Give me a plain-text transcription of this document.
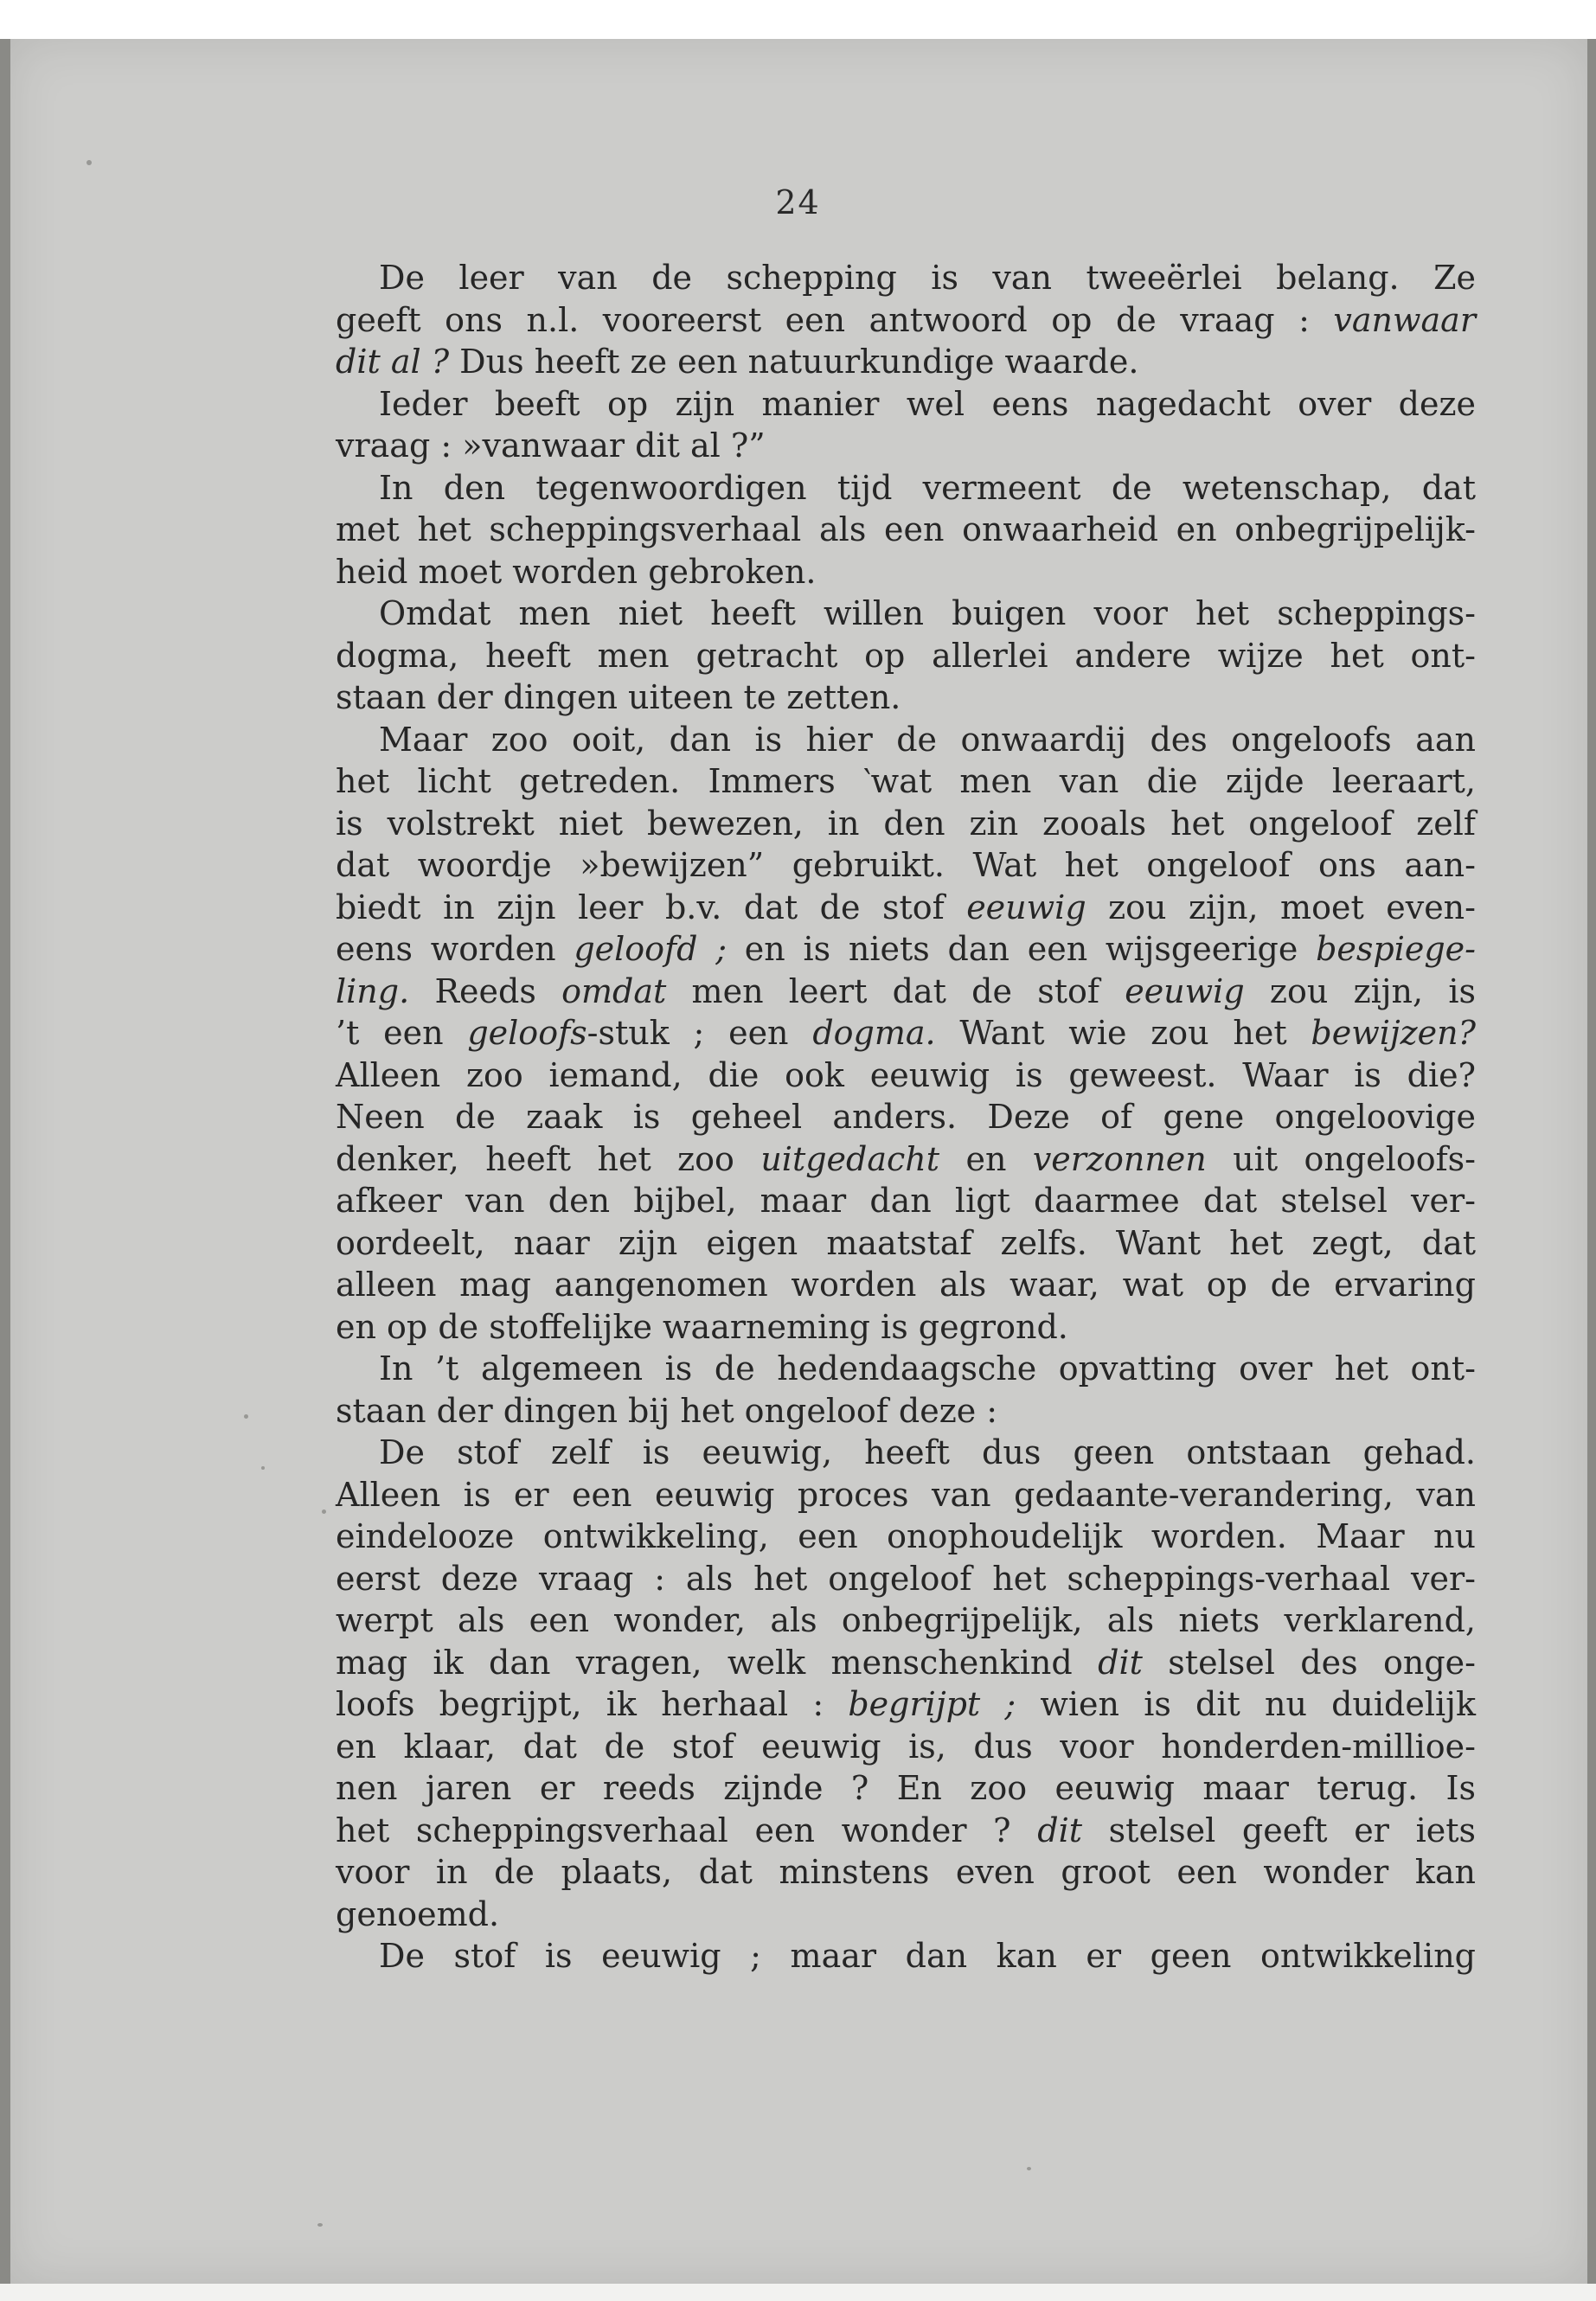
24
De leer van de schepping is van tweeërlei belang. Ze
geeft ons n.l. vooreerst een antwoord op de vraag : vanwaar
dit al ? Dus heeft ze een natuurkundige waarde.
Ieder beeft op zijn manier wel eens nagedacht over deze
vraag : »vanwaar dit al ?”
In den tegenwoordigen tijd vermeent de wetenschap, dat
met het scheppingsverhaal als een onwaarheid en onbegrijpelijk-
heid moet worden gebroken.
Omdat men niet heeft willen buigen voor het scheppings-
dogma, heeft men getracht op allerlei andere wijze het ont-
staan der dingen uiteen te zetten.
Maar zoo ooit, dan is hier de onwaardij des ongeloofs aan
het licht getreden. Immers ‵wat men van die zijde leeraart,
is volstrekt niet bewezen, in den zin zooals het ongeloof zelf
dat woordje »bewijzen” gebruikt. Wat het ongeloof ons aan-
biedt in zijn leer b.v. dat de stof eeuwig zou zijn, moet even-
eens worden geloofd ; en is niets dan een wijsgeerige bespiege-
ling. Reeds omdat men leert dat de stof eeuwig zou zijn, is
’t een geloofs-stuk ; een dogma. Want wie zou het bewijzen?
Alleen zoo iemand, die ook eeuwig is geweest. Waar is die?
Neen de zaak is geheel anders. Deze of gene ongeloovige
denker, heeft het zoo uitgedacht en verzonnen uit ongeloofs-
afkeer van den bijbel, maar dan ligt daarmee dat stelsel ver-
oordeelt, naar zijn eigen maatstaf zelfs. Want het zegt, dat
alleen mag aangenomen worden als waar, wat op de ervaring
en op de stoffelijke waarneming is gegrond.
In ’t algemeen is de hedendaagsche opvatting over het ont-
staan der dingen bij het ongeloof deze :
De stof zelf is eeuwig, heeft dus geen ontstaan gehad.
Alleen is er een eeuwig proces van gedaante-verandering, van
eindelooze ontwikkeling, een onophoudelijk worden. Maar nu
eerst deze vraag : als het ongeloof het scheppings-verhaal ver-
werpt als een wonder, als onbegrijpelijk, als niets verklarend,
mag ik dan vragen, welk menschenkind dit stelsel des onge-
loofs begrijpt, ik herhaal : begrijpt ; wien is dit nu duidelijk
en klaar, dat de stof eeuwig is, dus voor honderden-millioe-
nen jaren er reeds zijnde ? En zoo eeuwig maar terug. Is
het scheppingsverhaal een wonder ? dit stelsel geeft er iets
voor in de plaats, dat minstens even groot een wonder kan
genoemd.
De stof is eeuwig ; maar dan kan er geen ontwikkeling
